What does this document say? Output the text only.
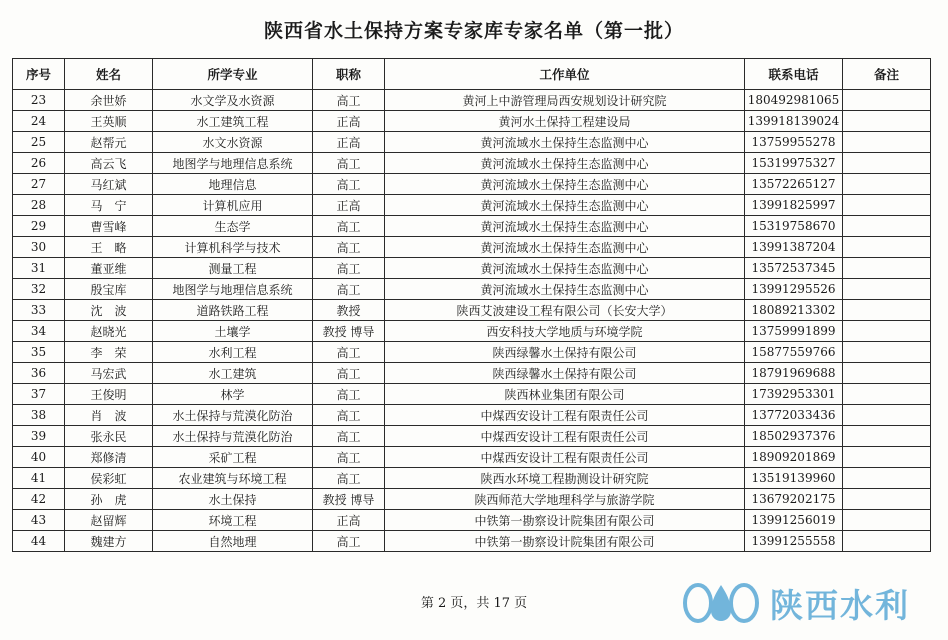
陕西省水土保持方案专家库专家名单（第一批）
序号	姓名	所学专业	职称	工作单位	联系电话	备注
23	余世娇	水文学及水资源	高工	黄河上中游管理局西安规划设计研究院	180492981065	
24	王英顺	水工建筑工程	正高	黄河水土保持工程建设局	139918139024	
25	赵帮元	水文水资源	正高	黄河流域水土保持生态监测中心	13759955278	
26	高云飞	地图学与地理信息系统	高工	黄河流域水土保持生态监测中心	15319975327	
27	马红斌	地理信息	高工	黄河流域水土保持生态监测中心	13572265127	
28	马　宁	计算机应用	正高	黄河流域水土保持生态监测中心	13991825997	
29	曹雪峰	生态学	高工	黄河流域水土保持生态监测中心	15319758670	
30	王　略	计算机科学与技术	高工	黄河流域水土保持生态监测中心	13991387204	
31	董亚维	测量工程	高工	黄河流域水土保持生态监测中心	13572537345	
32	殷宝库	地图学与地理信息系统	高工	黄河流域水土保持生态监测中心	13991295526	
33	沈　波	道路铁路工程	教授	陕西艾波建设工程有限公司（长安大学）	18089213302	
34	赵晓光	土壤学	教授 博导	西安科技大学地质与环境学院	13759991899	
35	李　荣	水利工程	高工	陕西绿馨水土保持有限公司	15877559766	
36	马宏武	水工建筑	高工	陕西绿馨水土保持有限公司	18791969688	
37	王俊明	林学	高工	陕西林业集团有限公司	17392953301	
38	肖　波	水土保持与荒漠化防治	高工	中煤西安设计工程有限责任公司	13772033436	
39	张永民	水土保持与荒漠化防治	高工	中煤西安设计工程有限责任公司	18502937376	
40	郑修清	采矿工程	高工	中煤西安设计工程有限责任公司	18909201869	
41	侯彩虹	农业建筑与环境工程	高工	陕西水环境工程勘测设计研究院	13519139960	
42	孙　虎	水土保持	教授 博导	陕西师范大学地理科学与旅游学院	13679202175	
43	赵留辉	环境工程	正高	中铁第一勘察设计院集团有限公司	13991256019	
44	魏建方	自然地理	高工	中铁第一勘察设计院集团有限公司	13991255558	
第 2 页，共 17 页	陕西水利
